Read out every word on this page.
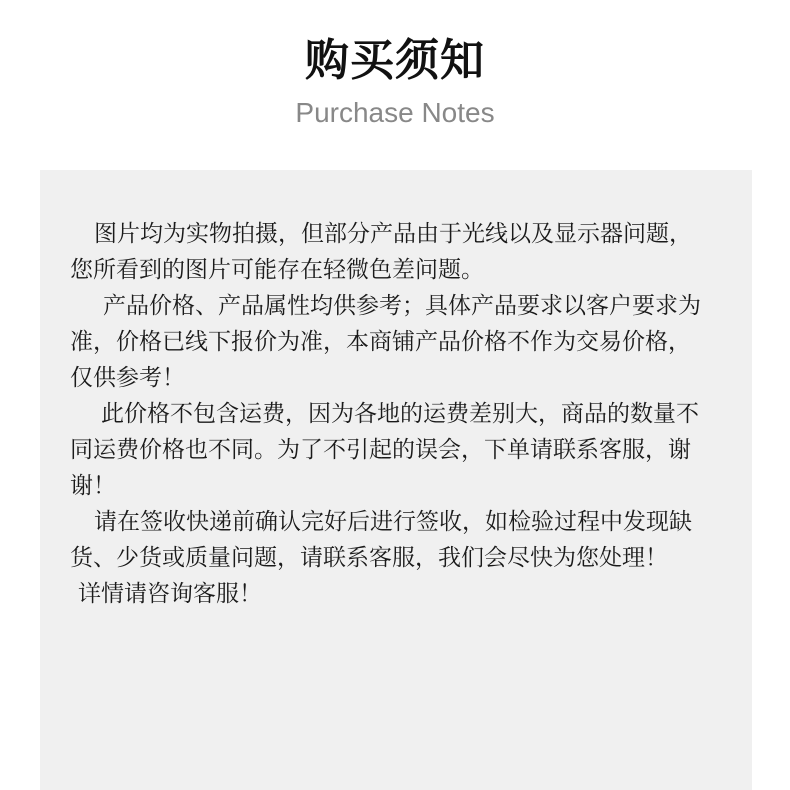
购买须知
Purchase Notes

图片均为实物拍摄，但部分产品由于光线以及显示器问题，您所看到的图片可能存在轻微色差问题。

产品价格、产品属性均供参考；具体产品要求以客户要求为准，价格已线下报价为准，本商铺产品价格不作为交易价格，仅供参考！

此价格不包含运费，因为各地的运费差别大，商品的数量不同运费价格也不同。为了不引起的误会，下单请联系客服，谢谢！

请在签收快递前确认完好后进行签收，如检验过程中发现缺货、少货或质量问题，请联系客服，我们会尽快为您处理！

详情请咨询客服！
